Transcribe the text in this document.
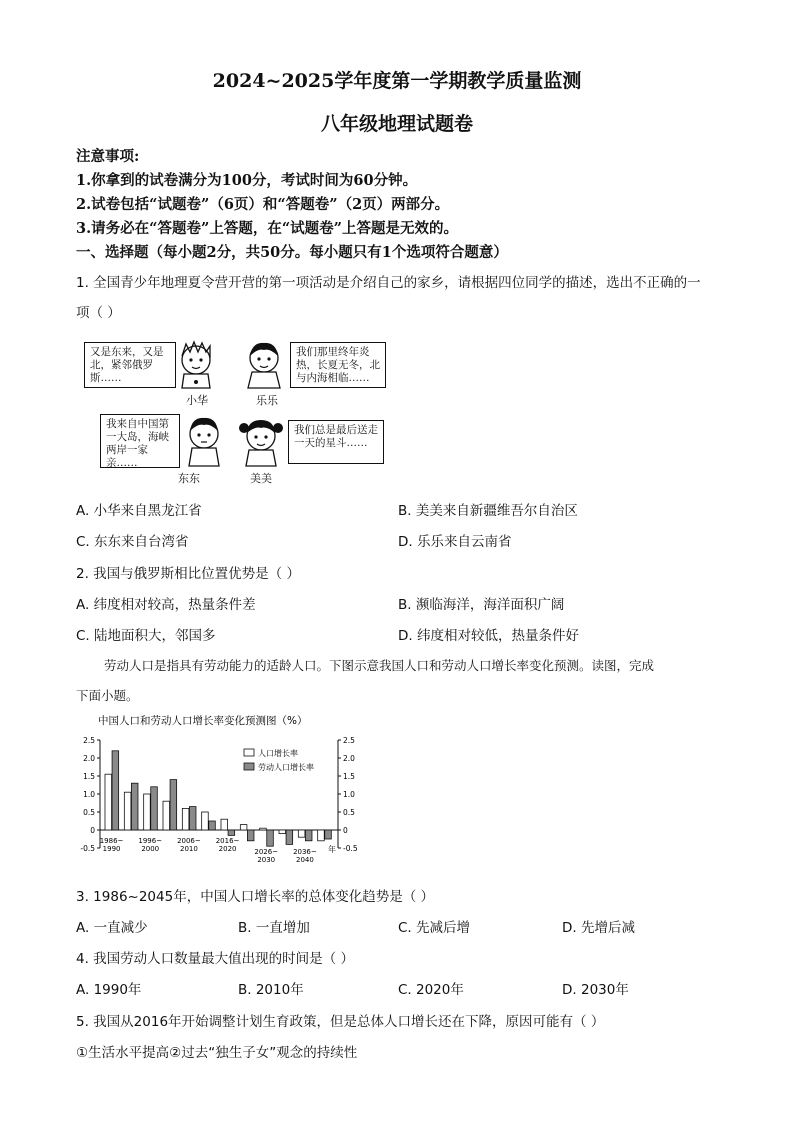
2024~2025学年度第一学期教学质量监测
八年级地理试题卷
注意事项:
1.你拿到的试卷满分为100分，考试时间为60分钟。
2.试卷包括“试题卷”（6页）和“答题卷”（2页）两部分。
3.请务必在“答题卷”上答题，在“试题卷”上答题是无效的。
一、选择题（每小题2分，共50分。每小题只有1个选项符合题意）
1. 全国青少年地理夏令营开营的第一项活动是介绍自己的家乡，请根据四位同学的描述，选出不正确的一
项（ ）
又是东来，又是北，紧邻俄罗斯……
小华	乐乐
我们那里终年炎热，长夏无冬，北与内海相临……
我来自中国第一大岛，海峡两岸一家亲……
东东	美美
我们总是最后送走一天的星斗……
A. 小华来自黑龙江省	B. 美美来自新疆维吾尔自治区
C. 东东来自台湾省	D. 乐乐来自云南省
2. 我国与俄罗斯相比位置优势是（ ）
A. 纬度相对较高，热量条件差	B. 濒临海洋，海洋面积广阔
C. 陆地面积大，邻国多	D. 纬度相对较低，热量条件好
劳动人口是指具有劳动能力的适龄人口。下图示意我国人口和劳动人口增长率变化预测。读图，完成
下面小题。
中国人口和劳动人口增长率变化预测图（%）
2.5	2.5
2.0	2.0
1.5	1.5
1.0	1.0
0.5	0.5
0	0
-0.5	-0.5
1986~ 1990
1996~ 2000
2006~ 2010
2016~ 2020	2026~ 2030
2036~ 2040
年
人口增长率
劳动人口增长率
3. 1986~2045年，中国人口增长率的总体变化趋势是（ ）
A. 一直减少	B. 一直增加	C. 先减后增	D. 先增后减
4. 我国劳动人口数量最大值出现的时间是（ ）
A. 1990年	B. 2010年	C. 2020年	D. 2030年
5. 我国从2016年开始调整计划生育政策，但是总体人口增长还在下降，原因可能有（ ）
①生活水平提高②过去“独生子女”观念的持续性
